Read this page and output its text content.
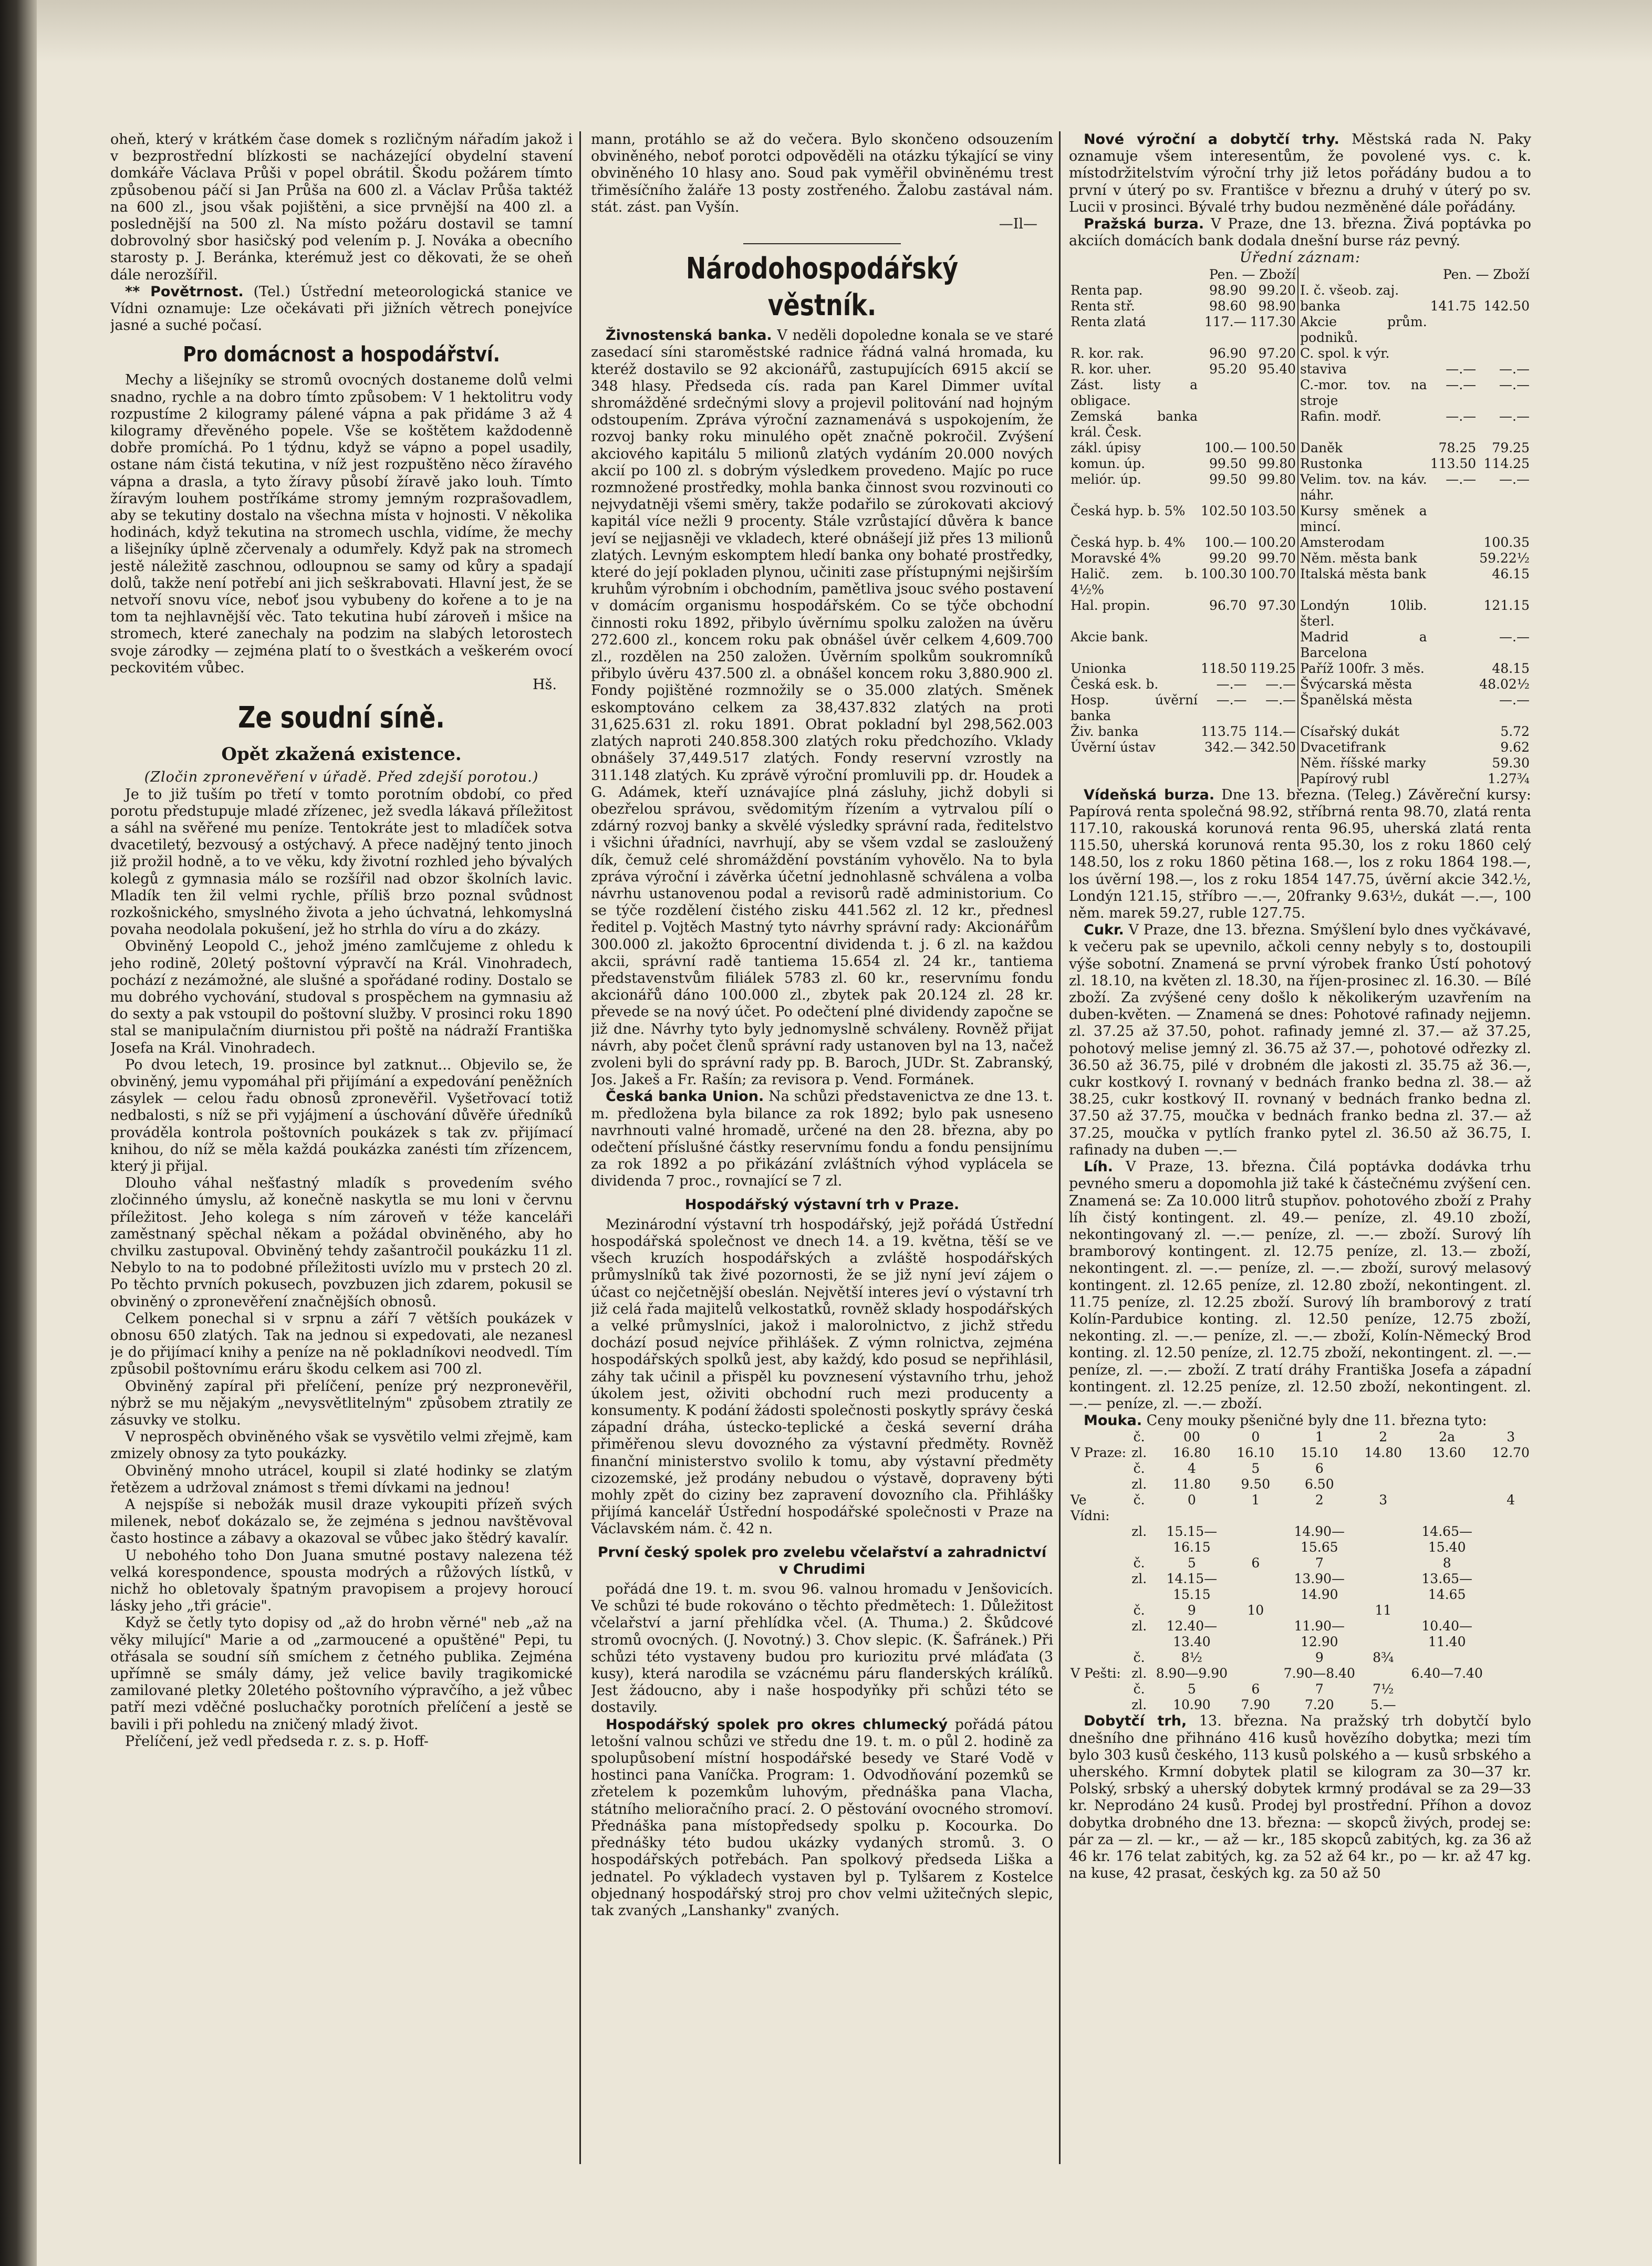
oheň, který v krátkém čase domek s rozličným nářadím jakož i v bezprostřední blízkosti se nacházející obydelní stavení domkáře Václava Průši v popel obrátil. Škodu požárem tímto způsobenou páčí si Jan Průša na 600 zl. a Václav Průša taktéž na 600 zl., jsou však pojištěni, a sice prvnější na 400 zl. a poslednější na 500 zl. Na místo požáru dostavil se tamní dobrovolný sbor hasičský pod velením p. J. Nováka a obecního starosty p. J. Beránka, kterémuž jest co děkovati, že se oheň dále nerozšířil.

** Povětrnost. (Tel.) Ústřední meteorologická stanice ve Vídni oznamuje: Lze očekávati při jižních větrech ponejvíce jasné a suché počasí.

Pro domácnost a hospodářství.

Mechy a lišejníky se stromů ovocných dostaneme dolů velmi snadno, rychle a na dobro tímto způsobem: V 1 hektolitru vody rozpustíme 2 kilogramy pálené vápna a pak přidáme 3 až 4 kilogramy dřevěného popele. Vše se koštětem každodenně dobře promíchá. Po 1 týdnu, když se vápno a popel usadily, ostane nám čistá tekutina, v níž jest rozpuštěno něco žíravého vápna a drasla, a tyto žíravy působí žíravě jako louh. Tímto žíravým louhem postříkáme stromy jemným rozprašovadlem, aby se tekutiny dostalo na všechna místa v hojnosti. V několika hodinách, když tekutina na stromech uschla, vidíme, že mechy a lišejníky úplně zčervenaly a odumřely. Když pak na stromech jestě náležitě zaschnou, odloupnou se samy od kůry a spadají dolů, takže není potřebí ani jich seškrabovati. Hlavní jest, že se netvoří snovu více, neboť jsou vybubeny do kořene a to je na tom ta nejhlavnější věc. Tato tekutina hubí zároveň i mšice na stromech, které zanechaly na podzim na slabých letorostech svoje zárodky — zejména platí to o švestkách a veškerém ovocí peckovitém vůbec.

Hš.
Ze soudní síně.
Opět zkažená existence.
(Zločin zpronevěření v úřadě. Před zdejší porotou.)

Je to již tuším po třetí v tomto porotním období, co před porotu předstupuje mladé zřízenec, jež svedla lákavá příležitost a sáhl na svěřené mu peníze. Tentokráte jest to mladíček sotva dvacetiletý, bezvousý a ostýchavý. A přece nadějný tento jinoch již prožil hodně, a to ve věku, kdy životní rozhled jeho bývalých kolegů z gymnasia málo se rozšířil nad obzor školních lavic. Mladík ten žil velmi rychle, příliš brzo poznal svůdnost rozkošnického, smyslného života a jeho úchvatná, lehkomyslná povaha neodolala pokušení, jež ho strhla do víru a do zkázy.

Obviněný Leopold C., jehož jméno zamlčujeme z ohledu k jeho rodině, 20letý poštovní výpravčí na Král. Vinohradech, pochází z nezámožné, ale slušné a spořádané rodiny. Dostalo se mu dobrého vychování, studoval s prospěchem na gymnasiu až do sexty a pak vstoupil do poštovní služby. V prosinci roku 1890 stal se manipulačním diurnistou při poště na nádraží Františka Josefa na Král. Vinohradech.

Po dvou letech, 19. prosince byl zatknut... Objevilo se, že obviněný, jemu vypomáhal při přijímání a expedování peněžních zásylek — celou řadu obnosů zpronevěřil. Vyšetřovací totiž nedbalosti, s níž se při vyjájmení a úschování důvěře úředníků prováděla kontrola poštovních poukázek s tak zv. přijímací knihou, do níž se měla každá poukázka zanésti tím zřízencem, který ji přijal.

Dlouho váhal nešťastný mladík s provedením svého zločinného úmyslu, až konečně naskytla se mu loni v červnu příležitost. Jeho kolega s ním zároveň v téže kanceláři zaměstnaný spěchal někam a požádal obviněného, aby ho chvilku zastupoval. Obviněný tehdy zašantročil poukázku 11 zl. Nebylo to na to podobné příležitosti uvízlo mu v prstech 20 zl. Po těchto prvních pokusech, povzbuzen jich zdarem, pokusil se obviněný o zpronevěření značnějších obnosů.

Celkem ponechal si v srpnu a září 7 větších poukázek v obnosu 650 zlatých. Tak na jednou si expedovati, ale nezanesl je do přijímací knihy a peníze na ně pokladníkovi neodvedl. Tím způsobil poštovnímu eráru škodu celkem asi 700 zl.

Obviněný zapíral při přelíčení, peníze prý nezpronevěřil, nýbrž se mu nějakým „nevysvětlitelným" způsobem ztratily ze zásuvky ve stolku.

V neprospěch obviněného však se vysvětilo velmi zřejmě, kam zmizely obnosy za tyto poukázky.

Obviněný mnoho utrácel, koupil si zlaté hodinky se zlatým řetězem a udržoval známost s třemi dívkami na jednou!

A nejspíše si nebožák musil draze vykoupiti přízeň svých milenek, neboť dokázalo se, že zejména s jednou navštěvoval často hostince a zábavy a okazoval se vůbec jako štědrý kavalír.

U nebohého toho Don Juana smutné postavy nalezena též velká korespondence, spousta modrých a růžových lístků, v nichž ho obletovaly špatným pravopisem a projevy horoucí lásky jeho „tři grácie".

Když se četly tyto dopisy od „až do hrobn věrné" neb „až na věky milující" Marie a od „zarmoucené a opuštěné" Pepi, tu otřásala se soudní síň smíchem z četného publika. Zejména upřímně se smály dámy, jež velice bavily tragikomické zamilované pletky 20letého poštovního výpravčího, a jež vůbec patří mezi vděčné posluchačky porotních přelíčení a jestě se bavili i při pohledu na zničený mladý život.

Přelíčení, jež vedl předseda r. z. s. p. Hoff-

mann, protáhlo se až do večera. Bylo skončeno odsouzením obviněného, neboť porotci odpověděli na otázku týkající se viny obviněného 10 hlasy ano. Soud pak vyměřil obviněnému trest třiměsíčního žaláře 13 posty zostřeného. Žalobu zastával nám. stát. zást. pan Vyšín.

—Il—
Národohospodářský věstník.

Živnostenská banka. V neděli dopoledne konala se ve staré zasedací síni staroměstské radnice řádná valná hromada, ku kteréž dostavilo se 92 akcionářů, zastupujících 6915 akcií se 348 hlasy. Předseda cís. rada pan Karel Dimmer uvítal shromážděné srdečnými slovy a projevil politování nad hojným odstoupením. Zpráva výroční zaznamenává s uspokojením, že rozvoj banky roku minulého opět značně pokročil. Zvýšení akciového kapitálu 5 milionů zlatých vydáním 20.000 nových akcií po 100 zl. s dobrým výsledkem provedeno. Majíc po ruce rozmnožené prostředky, mohla banka činnost svou rozvinouti co nejvydatněji všemi směry, takže podařilo se zúrokovati akciový kapitál více nežli 9 procenty. Stále vzrůstající důvěra k bance jeví se nejjasněji ve vkladech, které obnášejí již přes 13 milionů zlatých. Levným eskomptem hledí banka ony bohaté prostředky, které do její pokladen plynou, učiniti zase přístupnými nejširším kruhům výrobním i obchodním, pamětliva jsouc svého postavení v domácím organismu hospodářském. Co se týče obchodní činnosti roku 1892, přibylo úvěrnímu spolku založen na úvěru 272.600 zl., koncem roku pak obnášel úvěr celkem 4,609.700 zl., rozdělen na 250 založen. Úvěrním spolkům soukromníků přibylo úvěru 437.500 zl. a obnášel koncem roku 3,880.900 zl. Fondy pojištěné rozmnožily se o 35.000 zlatých. Směnek eskomptováno celkem za 38,437.832 zlatých na proti 31,625.631 zl. roku 1891. Obrat pokladní byl 298,562.003 zlatých naproti 240.858.300 zlatých roku předchozího. Vklady obnášely 37,449.517 zlatých. Fondy reservní vzrostly na 311.148 zlatých. Ku zprávě výroční promluvili pp. dr. Houdek a G. Adámek, kteří uznávajíce plná zásluhy, jichž dobyli si obezřelou správou, svědomitým řízením a vytrvalou pílí o zdárný rozvoj banky a skvělé výsledky správní rada, ředitelstvo i všichni úřadníci, navrhují, aby se všem vzdal se zasloužený dík, čemuž celé shromáždění povstáním vyhovělo. Na to byla zpráva výroční i závěrka účetní jednohlasně schválena a volba návrhu ustanovenou podal a revisorů radě administorium. Co se týče rozdělení čistého zisku 441.562 zl. 12 kr., přednesl ředitel p. Vojtěch Mastný tyto návrhy správní rady: Akcionářům 300.000 zl. jakožto 6procentní dividenda t. j. 6 zl. na každou akcii, správní radě tantiema 15.654 zl. 24 kr., tantiema představenstvům filiálek 5783 zl. 60 kr., reservnímu fondu akcionářů dáno 100.000 zl., zbytek pak 20.124 zl. 28 kr. převede se na nový účet. Po odečtení plné dividendy započne se již dne. Návrhy tyto byly jednomyslně schváleny. Rovněž přijat návrh, aby počet členů správní rady ustanoven byl na 13, načež zvoleni byli do správní rady pp. B. Baroch, JUDr. St. Zabranský, Jos. Jakeš a Fr. Rašín; za revisora p. Vend. Formánek.

Česká banka Union. Na schůzi představenictva ze dne 13. t. m. předložena byla bilance za rok 1892; bylo pak usneseno navrhnouti valné hromadě, určené na den 28. března, aby po odečtení příslušné částky reservnímu fondu a fondu pensijnímu za rok 1892 a po přikázání zvláštních výhod vyplácela se dividenda 7 proc., rovnající se 7 zl.

Hospodářský výstavní trh v Praze.

Mezinárodní výstavní trh hospodářský, jejž pořádá Ústřední hospodářská společnost ve dnech 14. a 19. května, těší se ve všech kruzích hospodářských a zvláště hospodářských průmyslníků tak živé pozornosti, že se již nyní jeví zájem o účast co nejčetnější obeslán. Největší interes jeví o výstavní trh již celá řada majitelů velkostatků, rovněž sklady hospodářských a velké průmyslníci, jakož i malorolnictvo, z jichž středu dochází posud nejvíce přihlášek. Z výmn rolnictva, zejména hospodářských spolků jest, aby každý, kdo posud se nepřihlásil, záhy tak učinil a přispěl ku povznesení výstavního trhu, jehož úkolem jest, oživiti obchodní ruch mezi producenty a konsumenty. K podání žádosti společnosti poskytly správy česká západní dráha, ústecko-teplické a česká severní dráha přiměřenou slevu dovozného za výstavní předměty. Rovněž finanční ministerstvo svolilo k tomu, aby výstavní předměty cizozemské, jež prodány nebudou o výstavě, dopraveny býti mohly zpět do ciziny bez zapravení dovozního cla. Přihlášky přijímá kancelář Ústřední hospodářské společnosti v Praze na Václavském nám. č. 42 n.

První český spolek pro zvelebu včelařství a zahradnictví v Chrudimi

pořádá dne 19. t. m. svou 96. valnou hromadu v Jenšovicích. Ve schůzi té bude rokováno o těchto předmětech: 1. Důležitost včelařství a jarní přehlídka včel. (A. Thuma.) 2. Škůdcové stromů ovocných. (J. Novotný.) 3. Chov slepic. (K. Šafránek.) Při schůzi této vystaveny budou pro kuriozitu prvé mláďata (3 kusy), která narodila se vzácnému páru flanderských králíků. Jest žádoucno, aby i naše hospodyňky při schůzi této se dostavily.

Hospodářský spolek pro okres chlumecký pořádá pátou letošní valnou schůzi ve středu dne 19. t. m. o půl 2. hodině za spolupůsobení místní hospodářské besedy ve Staré Vodě v hostinci pana Vaníčka. Program: 1. Odvodňování pozemků se zřetelem k pozemkům luhovým, přednáška pana Vlacha, státního melioračního prací. 2. O pěstování ovocného stromoví. Přednáška pana místopředsedy spolku p. Kocourka. Do přednášky této budou ukázky vydaných stromů. 3. O hospodářských potřebách. Pan spolkový předseda Liška a jednatel. Po výkladech vystaven byl p. Tylšarem z Kostelce objednaný hospodářský stroj pro chov velmi užitečných slepic, tak zvaných „Lanshanky" zvaných.

Nové výroční a dobytčí trhy. Městská rada N. Paky oznamuje všem interesentům, že povolené vys. c. k. místodržitelstvím výroční trhy již letos pořádány budou a to první v úterý po sv. Františce v březnu a druhý v úterý po sv. Lucii v prosinci. Bývalé trhy budou nezměněné dále pořádány.

Pražská burza. V Praze, dne 13. března. Živá poptávka po akciích domácích bank dodala dnešní burse ráz pevný.

Úřední záznam:
	Pen. — Zboží			Pen. — Zboží	
Renta pap.	98.90	99.20	I. č. všeob. zaj.		
Renta stř.	98.60	98.90	banka	141.75	142.50
Renta zlatá	117.—	117.30	Akcie prům. podniků.		
R. kor. rak.	96.90	97.20	C. spol. k výr.		
R. kor. uher.	95.20	95.40	staviva	—.—	—.—
Zást. listy a obligace.			C.-mor. tov. na stroje	—.—	—.—
Zemská banka král. Česk.			Rafin. modř.	—.—	—.—
zákl. úpisy	100.—	100.50	Daněk	78.25	79.25
komun. úp.	99.50	99.80	Rustonka	113.50	114.25
meliór. úp.	99.50	99.80	Velim. tov. na káv. náhr.	—.—	—.—
Česká hyp. b. 5%	102.50	103.50	Kursy směnek a mincí.		
Česká hyp. b. 4%	100.—	100.20	Amsterodam		100.35
Moravské 4%	99.20	99.70	Něm. města bank		59.22½
Halič. zem. b. 4½%	100.30	100.70	Italská města bank		46.15
Hal. propin.	96.70	97.30	Londýn 10lib. šterl.		121.15
Akcie bank.			Madrid a Barcelona		—.—
Unionka	118.50	119.25	Paříž 100fr. 3 měs.		48.15
Česká esk. b.	—.—	—.—	Švýcarská města		48.02½
Hosp. úvěrní banka	—.—	—.—	Španělská města		—.—
Živ. banka	113.75	114.—	Císařský dukát		5.72
Úvěrní ústav	342.—	342.50	Dvacetifrank		9.62
			Něm. říšské marky		59.30
			Papírový rubl		1.27¾

Vídeňská burza. Dne 13. března. (Teleg.) Závěreční kursy: Papírová renta společná 98.92, stříbrná renta 98.70, zlatá renta 117.10, rakouská korunová renta 96.95, uherská zlatá renta 115.50, uherská korunová renta 95.30, los z roku 1860 celý 148.50, los z roku 1860 pětina 168.—, los z roku 1864 198.—, los úvěrní 198.—, los z roku 1854 147.75, úvěrní akcie 342.½, Londýn 121.15, stříbro —.—, 20franky 9.63½, dukát —.—, 100 něm. marek 59.27, ruble 127.75.

Cukr. V Praze, dne 13. března. Smýšlení bylo dnes vyčkávavé, k večeru pak se upevnilo, ačkoli cenny nebyly s to, dostoupili výše sobotní. Znamená se první výrobek franko Ústí pohotový zl. 18.10, na květen zl. 18.30, na říjen-prosinec zl. 16.30. — Bílé zboží. Za zvýšené ceny došlo k několikerým uzavřením na duben-květen. — Znamená se dnes: Pohotové rafinady nejjemn. zl. 37.25 až 37.50, pohot. rafinady jemné zl. 37.— až 37.25, pohotový melise jemný zl. 36.75 až 37.—, pohotové odřezky zl. 36.50 až 36.75, pilé v drobném dle jakosti zl. 35.75 až 36.—, cukr kostkový I. rovnaný v bednách franko bedna zl. 38.— až 38.25, cukr kostkový II. rovnaný v bednách franko bedna zl. 37.50 až 37.75, moučka v bednách franko bedna zl. 37.— až 37.25, moučka v pytlích franko pytel zl. 36.50 až 36.75, I. rafinady na duben —.—

Líh. V Praze, 13. března. Čilá poptávka dodávka trhu pevného smeru a dopomohla již také k částečnému zvýšení cen. Znamená se: Za 10.000 litrů stupňov. pohotového zboží z Prahy líh čistý kontingent. zl. 49.— peníze, zl. 49.10 zboží, nekontingovaný zl. —.— peníze, zl. —.— zboží. Surový líh bramborový kontingent. zl. 12.75 peníze, zl. 13.— zboží, nekontingent. zl. —.— peníze, zl. —.— zboží, surový melasový kontingent. zl. 12.65 peníze, zl. 12.80 zboží, nekontingent. zl. 11.75 peníze, zl. 12.25 zboží. Surový líh bramborový z tratí Kolín-Pardubice konting. zl. 12.50 peníze, 12.75 zboží, nekonting. zl. —.— peníze, zl. —.— zboží, Kolín-Německý Brod konting. zl. 12.50 peníze, zl. 12.75 zboží, nekontingent. zl. —.— peníze, zl. —.— zboží. Z tratí dráhy Františka Josefa a západní kontingent. zl. 12.25 peníze, zl. 12.50 zboží, nekontingent. zl. —.— peníze, zl. —.— zboží.

Mouka. Ceny mouky pšeničné byly dne 11. března tyto:

	č.	00	0	1	2	2a	3
V Praze:	zl.	16.80	16.10	15.10	14.80	13.60	12.70
	č.	4	5	6			
	zl.	11.80	9.50	6.50			
Ve Vídni:	č.	0	1	2	3		4
	zl.	15.15—16.15		14.90—15.65		14.65—15.40	
	č.	5	6	7		8	
	zl.	14.15—15.15		13.90—14.90		13.65—14.65	
	č.	9	10		11		
	zl.	12.40—13.40		11.90—12.90		10.40—11.40	
	č.	8½		9	8¾		
V Pešti:	zl.	8.90—9.90		7.90—8.40		6.40—7.40	
	č.	5	6	7	7½		
	zl.	10.90	7.90	7.20	5.—		

Dobytčí trh, 13. března. Na pražský trh dobytčí bylo dnešního dne přihnáno 416 kusů hovězího dobytka; mezi tím bylo 303 kusů českého, 113 kusů polského a — kusů srbského a uherského. Krmní dobytek platil se kilogram za 30—37 kr. Polský, srbský a uherský dobytek krmný prodával se za 29—33 kr. Neprodáno 24 kusů. Prodej byl prostřední. Příhon a dovoz dobytka drobného dne 13. března: — skopců živých, prodej se: pár za — zl. — kr., — až — kr., 185 skopců zabitých, kg. za 36 až 46 kr. 176 telat zabitých, kg. za 52 až 64 kr., po — kr. až 47 kg. na kuse, 42 prasat, českých kg. za 50 až 50
